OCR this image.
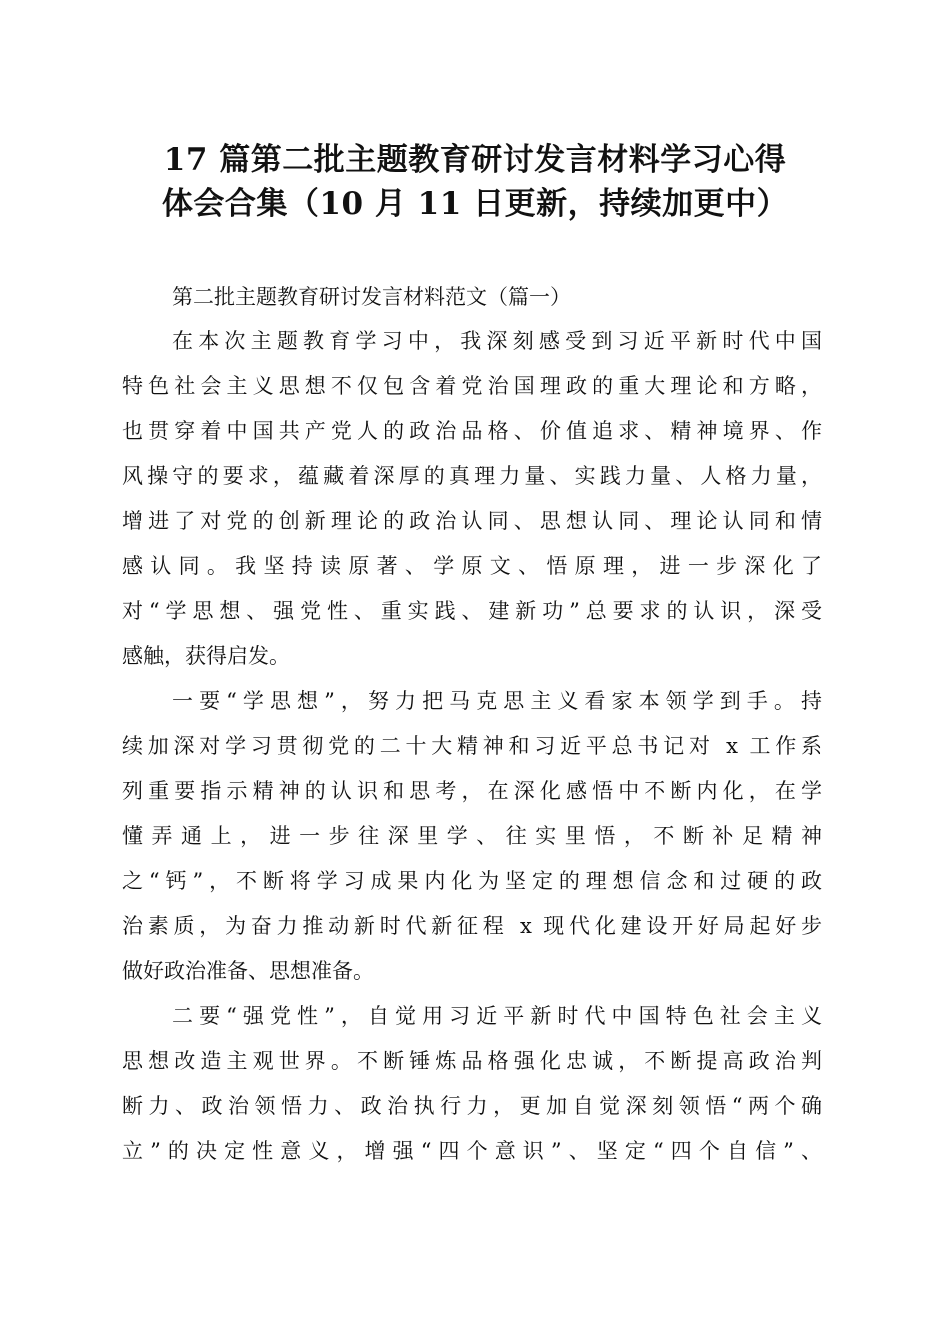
17 篇第二批主题教育研讨发言材料学习心得
体会合集（10 月 11 日更新，持续加更中）
第二批主题教育研讨发言材料范文（篇一）
在本次主题教育学习中，我深刻感受到习近平新时代中国
特色社会主义思想不仅包含着党治国理政的重大理论和方略，
也贯穿着中国共产党人的政治品格、价值追求、精神境界、作
风操守的要求，蕴藏着深厚的真理力量、实践力量、人格力量，
增进了对党的创新理论的政治认同、思想认同、理论认同和情
感认同。我坚持读原著、学原文、悟原理，进一步深化了
对“学思想、强党性、重实践、建新功”总要求的认识，深受
感触，获得启发。
一要“学思想”，努力把马克思主义看家本领学到手。持
续加深对学习贯彻党的二十大精神和习近平总书记对 x 工作系
列重要指示精神的认识和思考，在深化感悟中不断内化，在学
懂弄通上，进一步往深里学、往实里悟，不断补足精神
之“钙”，不断将学习成果内化为坚定的理想信念和过硬的政
治素质，为奋力推动新时代新征程 x 现代化建设开好局起好步
做好政治准备、思想准备。
二要“强党性”，自觉用习近平新时代中国特色社会主义
思想改造主观世界。不断锤炼品格强化忠诚，不断提高政治判
断力、政治领悟力、政治执行力，更加自觉深刻领悟“两个确
立”的决定性意义，增强“四个意识”、坚定“四个自信”、
